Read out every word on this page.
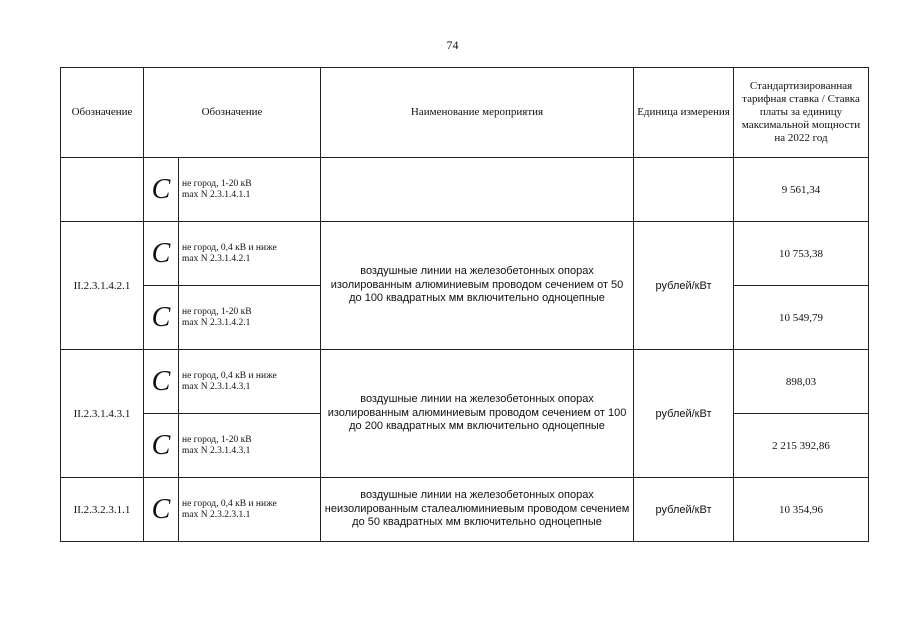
74
Обозначение	Обозначение		Наименование мероприятия	Единица измерения	Стандартизированная тарифная ставка / Ставка платы за единицу максимальной мощности на 2022 год
	C	не город, 1-20 кВ
max N 2.3.1.4.1.1			9 561,34
II.2.3.1.4.2.1	C	не город, 0,4 кВ и ниже
max N 2.3.1.4.2.1	воздушные линии на железобетонных опорах изолированным алюминиевым проводом сечением от 50 до 100 квадратных мм включительно одноцепные	рублей/кВт	10 753,38
	C	не город, 1-20 кВ
max N 2.3.1.4.2.1			10 549,79
II.2.3.1.4.3.1	C	не город, 0,4 кВ и ниже
max N 2.3.1.4.3.1	воздушные линии на железобетонных опорах изолированным алюминиевым проводом сечением от 100 до 200 квадратных мм включительно одноцепные	рублей/кВт	898,03
	C	не город, 1-20 кВ
max N 2.3.1.4.3.1			2 215 392,86
II.2.3.2.3.1.1	C	не город, 0,4 кВ и ниже
max N 2.3.2.3.1.1	воздушные линии на железобетонных опорах неизолированным сталеалюминиевым проводом сечением до 50 квадратных мм включительно одноцепные	рублей/кВт	10 354,96
